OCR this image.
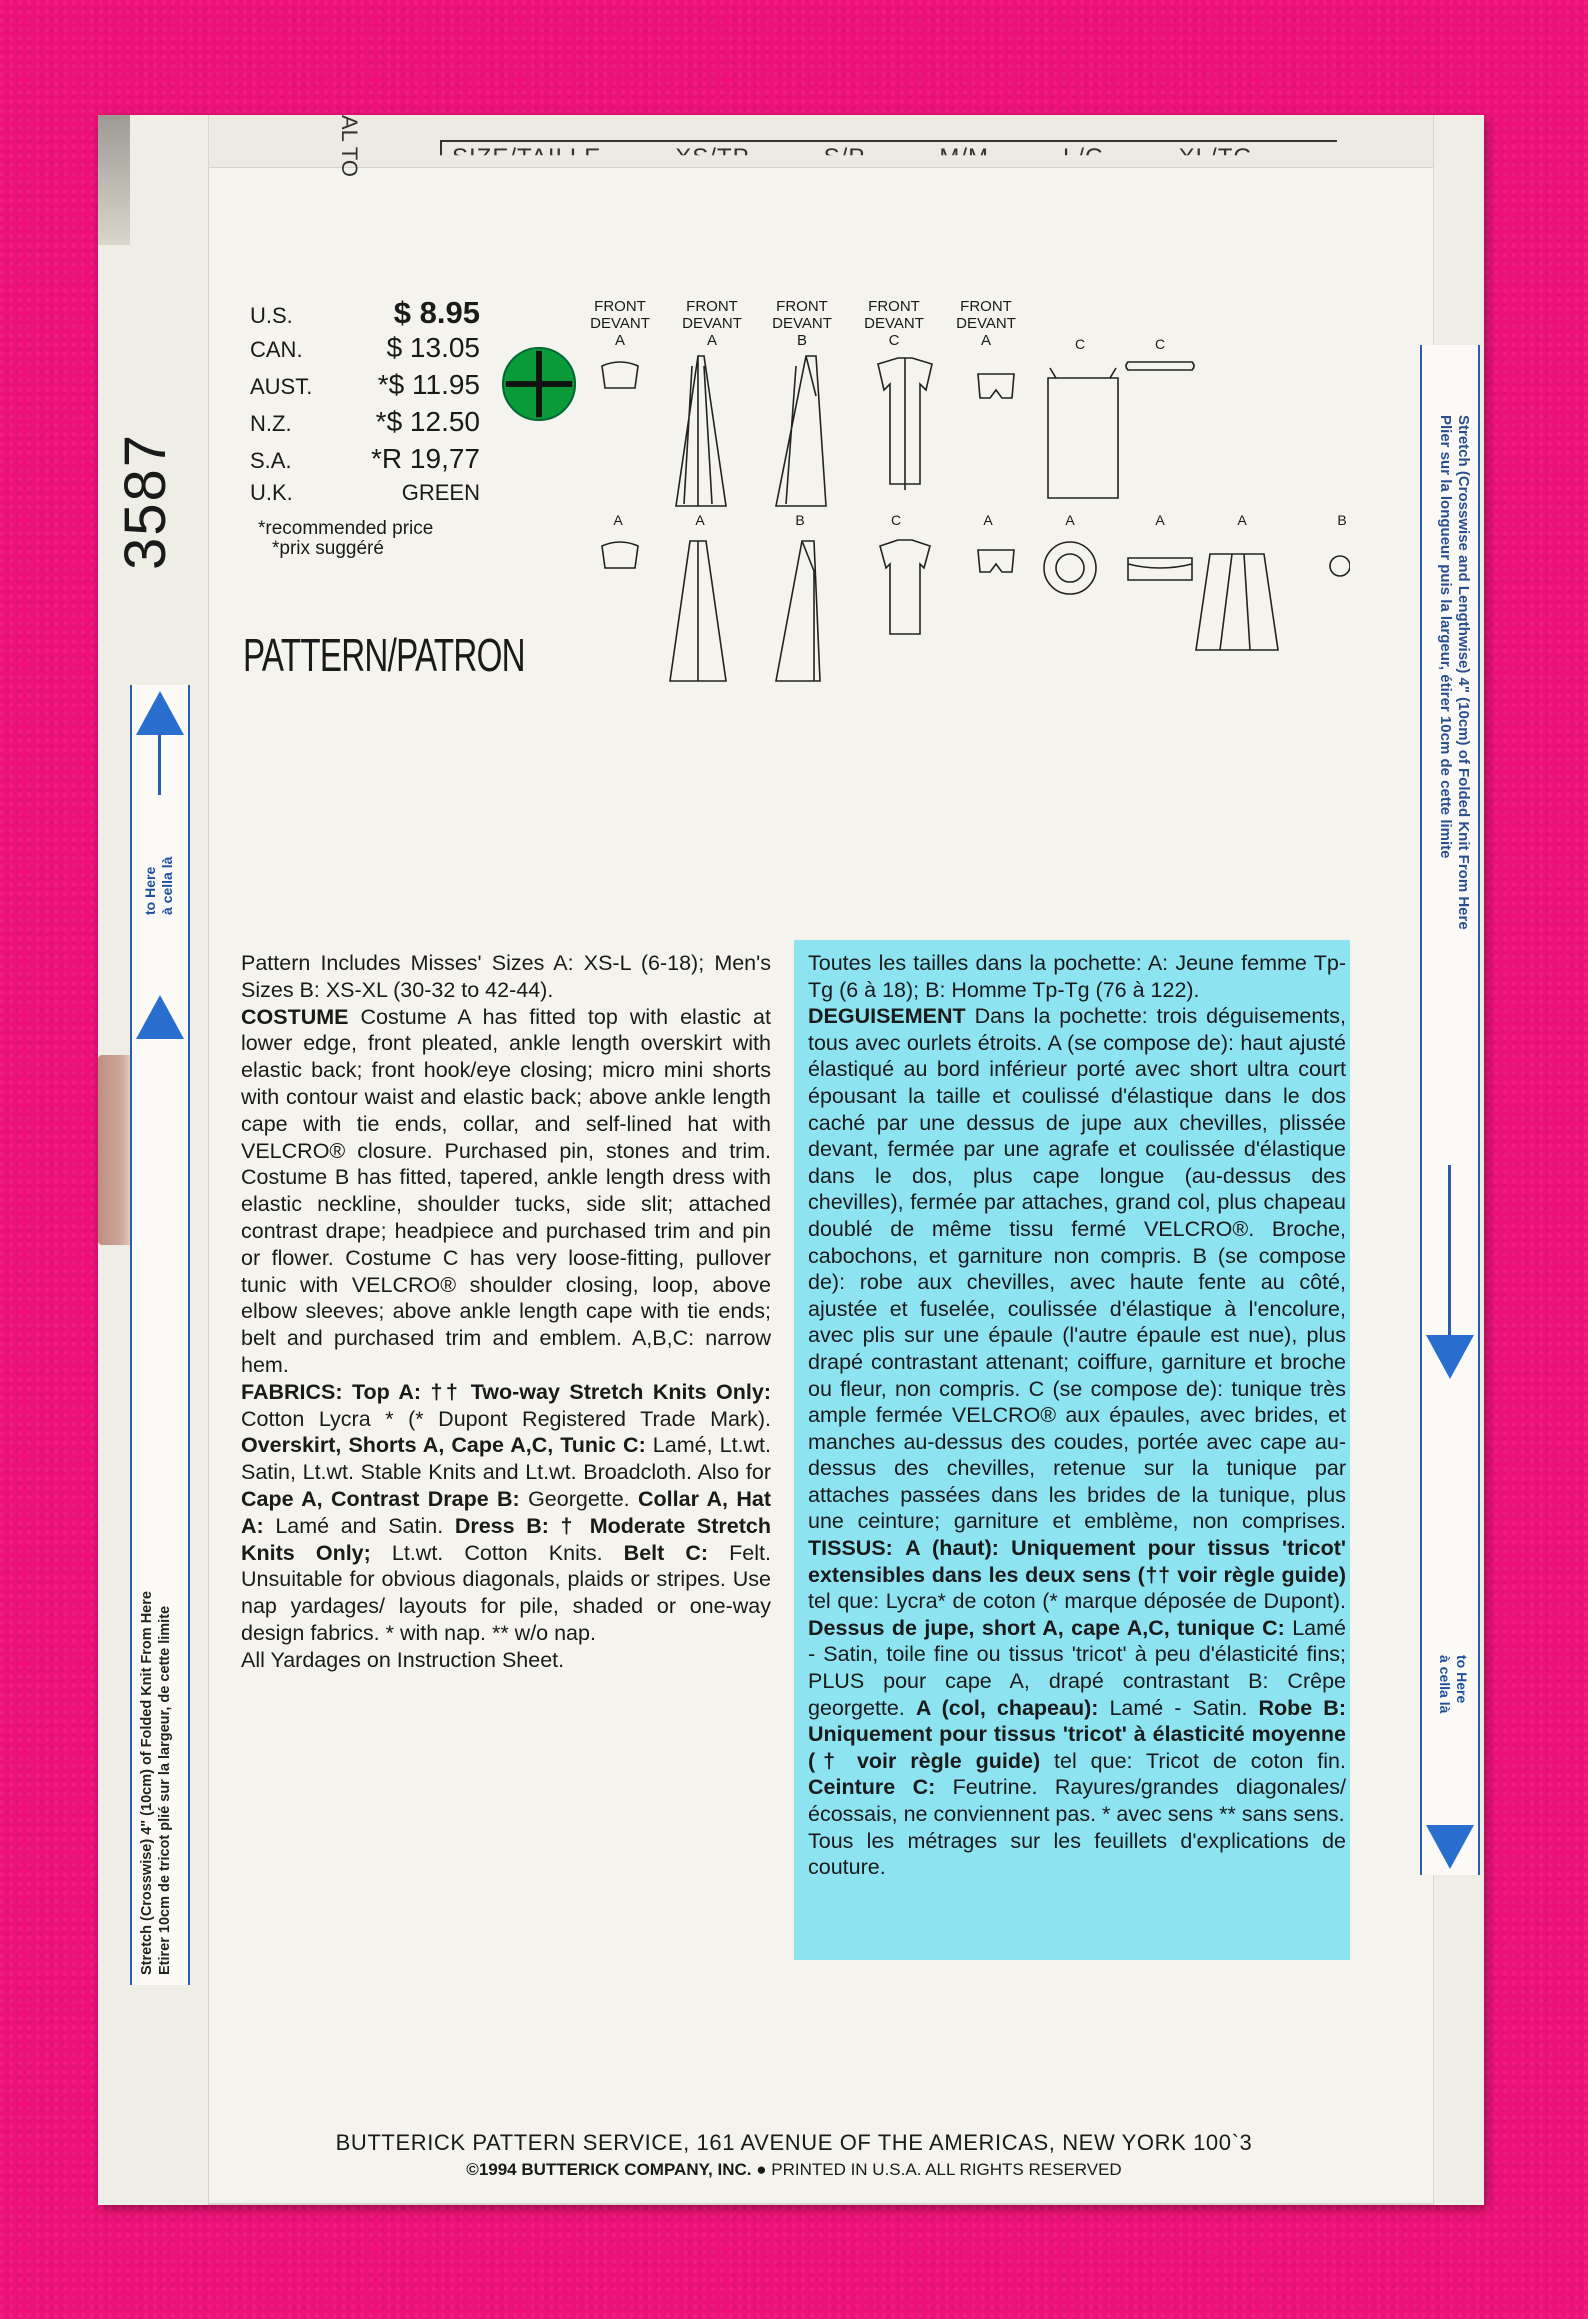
AL TO
3587
U.S.	$ 8.95
CAN.	$ 13.05
AUST. *$ 11.95
N.Z.	*$ 12.50
S.A.	*R 19,77
U.K.	GREEN
*recommended price
*prix suggéré
PATTERN/PATRON
FRONT
DEVANT
A
FRONT
DEVANT
A
FRONT
DEVANT
B
FRONT
DEVANT
C
FRONT
DEVANT
A	C	C
A	A	B	C	A	A	A	A	B
to Here à cella là
Stretch (Crosswise) 4" (10cm) of Folded Knit From Here Etirer 10cm de tricot plié sur la largeur, de cette limite
Stretch (Crosswise and Lengthwise) 4" (10cm) of Folded Knit From Here
Plier sur la longueur puis la largeur, étirer 10cm de cette limite
to Here
à cella là
Pattern Includes Misses' Sizes A: XS-L (6-18); Men's Sizes B: XS-XL (30-32 to 42-44).
COSTUME Costume A has fitted top with elastic at lower edge, front pleated, ankle length overskirt with elastic back; front hook/eye closing; micro mini shorts with contour waist and elastic back; above ankle length cape with tie ends, collar, and self-lined hat with VELCRO® closure. Purchased pin, stones and trim. Costume B has fitted, tapered, ankle length dress with elastic neckline, shoulder tucks, side slit; attached contrast drape; headpiece and purchased trim and pin or flower. Costume C has very loose-fitting, pullover tunic with VELCRO® shoulder closing, loop, above elbow sleeves; above ankle length cape with tie ends; belt and purchased trim and emblem. A,B,C: narrow hem.
FABRICS: Top A: †† Two-way Stretch Knits Only: Cotton Lycra * (* Dupont Registered Trade Mark). Overskirt, Shorts A, Cape A,C, Tunic C: Lamé, Lt.wt. Satin, Lt.wt. Stable Knits and Lt.wt. Broadcloth. Also for Cape A, Contrast Drape B: Georgette. Collar A, Hat A: Lamé and Satin. Dress B: † Moderate Stretch Knits Only; Lt.wt. Cotton Knits. Belt C: Felt. Unsuitable for obvious diagonals, plaids or stripes. Use nap yardages/ layouts for pile, shaded or one-way design fabrics. * with nap. ** w/o nap.
All Yardages on Instruction Sheet.
Toutes les tailles dans la pochette: A: Jeune femme Tp-Tg (6 à 18); B: Homme Tp-Tg (76 à 122).
DEGUISEMENT Dans la pochette: trois déguisements, tous avec ourlets étroits. A (se compose de): haut ajusté élastiqué au bord inférieur porté avec short ultra court épousant la taille et coulissé d'élastique dans le dos caché par une dessus de jupe aux chevilles, plissée devant, fermée par une agrafe et coulissée d'élastique dans le dos, plus cape longue (au-dessus des chevilles), fermée par attaches, grand col, plus chapeau doublé de même tissu fermé VELCRO®. Broche, cabochons, et garniture non compris. B (se compose de): robe aux chevilles, avec haute fente au côté, ajustée et fuselée, coulissée d'élastique à l'encolure, avec plis sur une épaule (l'autre épaule est nue), plus drapé contrastant attenant; coiffure, garniture et broche ou fleur, non compris. C (se compose de): tunique très ample fermée VELCRO® aux épaules, avec brides, et manches au-dessus des coudes, portée avec cape au-dessus des chevilles, retenue sur la tunique par attaches passées dans les brides de la tunique, plus une ceinture; garniture et emblème, non comprises. TISSUS: A (haut): Uniquement pour tissus 'tricot' extensibles dans les deux sens (†† voir règle guide) tel que: Lycra* de coton (* marque déposée de Dupont). Dessus de jupe, short A, cape A,C, tunique C: Lamé - Satin, toile fine ou tissus 'tricot' à peu d'élasticité fins; PLUS pour cape A, drapé contrastant B: Crêpe georgette. A (col, chapeau): Lamé - Satin. Robe B: Uniquement pour tissus 'tricot' à élasticité moyenne († voir règle guide) tel que: Tricot de coton fin. Ceinture C: Feutrine. Rayures/grandes diagonales/écossais, ne conviennent pas. * avec sens ** sans sens.
Tous les métrages sur les feuillets d'explications de couture.
BUTTERICK PATTERN SERVICE, 161 AVENUE OF THE AMERICAS, NEW YORK 100`3
©1994 BUTTERICK COMPANY, INC. ● PRINTED IN U.S.A. ALL RIGHTS RESERVED
